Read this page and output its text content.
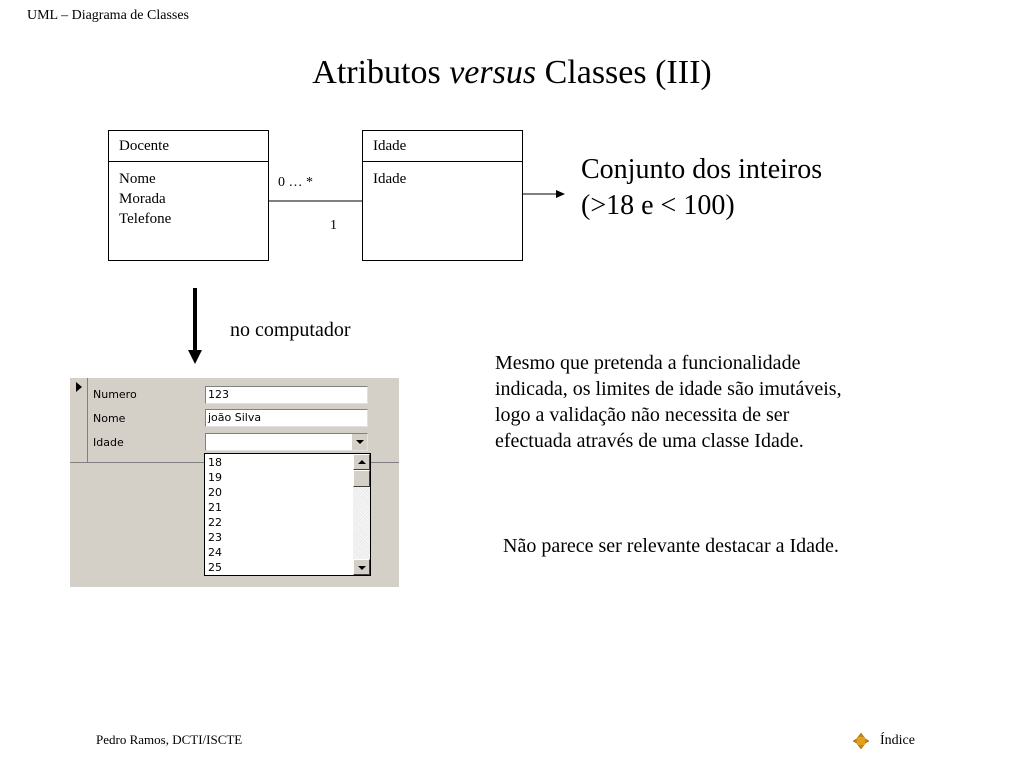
UML – Diagrama de Classes
Atributos versus Classes (III)
Docente
Nome
Morada
Telefone
Idade
Idade
0 … *
1
Conjunto dos inteiros
(>18 e < 100)
no computador
Numero	123
Nome	joão Silva
Idade
18
19
20
21
22
23
24
25
Mesmo que pretenda a funcionalidade
indicada, os limites de idade são imutáveis,
logo a validação não necessita de ser
efectuada através de uma classe Idade.
Não parece ser relevante destacar a Idade.
Pedro Ramos, DCTI/ISCTE	Índice
